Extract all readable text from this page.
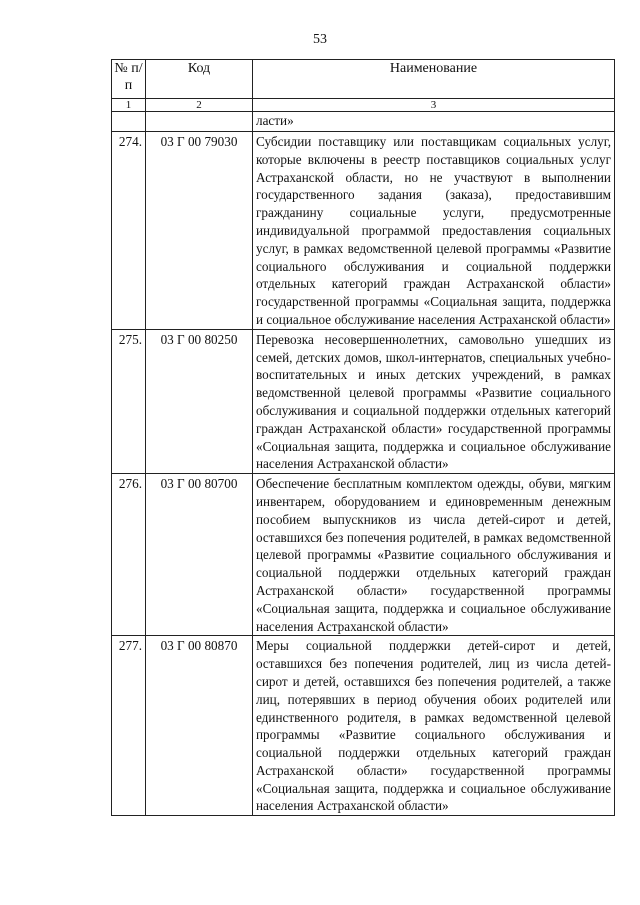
53
№ п/п	Код	Наименование
1	2	3
		ласти»
274.	03 Г 00 79030	Субсидии поставщику или поставщикам социальных услуг, которые включены в реестр поставщиков социальных услуг Астраханской области, но не участвуют в выполнении государственного задания (заказа), предоставившим гражданину социальные услуги, предусмотренные индивидуальной программой предоставления социальных услуг, в рамках ведомственной целевой программы «Развитие социального обслуживания и социальной поддержки отдельных категорий граждан Астраханской области» государственной программы «Социальная защита, поддержка и социальное обслуживание населения Астраханской области»
275.	03 Г 00 80250	Перевозка несовершеннолетних, самовольно ушедших из семей, детских домов, школ-интернатов, специальных учебно-воспитательных и иных детских учреждений, в рамках ведомственной целевой программы «Развитие социального обслуживания и социальной поддержки отдельных категорий граждан Астраханской области» государственной программы «Социальная защита, поддержка и социальное обслуживание населения Астраханской области»
276.	03 Г 00 80700	Обеспечение бесплатным комплектом одежды, обуви, мягким инвентарем, оборудованием и единовременным денежным пособием выпускников из числа детей-сирот и детей, оставшихся без попечения родителей, в рамках ведомственной целевой программы «Развитие социального обслуживания и социальной поддержки отдельных категорий граждан Астраханской области» государственной программы «Социальная защита, поддержка и социальное обслуживание населения Астраханской области»
277.	03 Г 00 80870	Меры социальной поддержки детей-сирот и детей, оставшихся без попечения родителей, лиц из числа детей-сирот и детей, оставшихся без попечения родителей, а также лиц, потерявших в период обучения обоих родителей или единственного родителя, в рамках ведомственной целевой программы «Развитие социального обслуживания и социальной поддержки отдельных категорий граждан Астраханской области» государственной программы «Социальная защита, поддержка и социальное обслуживание населения Астраханской области»
